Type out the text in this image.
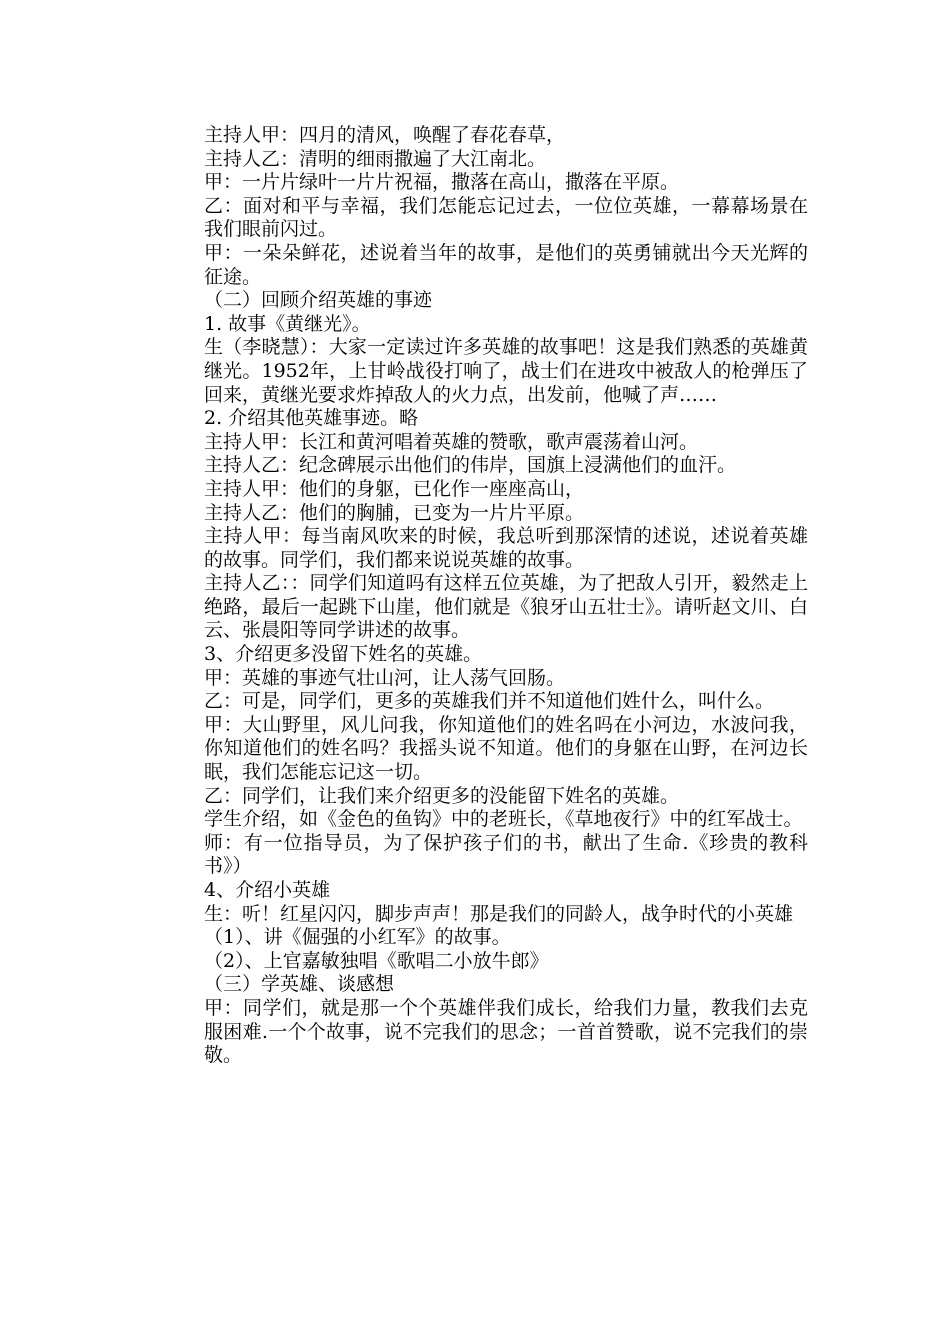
主持人甲：四月的清风，唤醒了春花春草，

主持人乙：清明的细雨撒遍了大江南北。

甲：一片片绿叶一片片祝福，撒落在高山，撒落在平原。

乙：面对和平与幸福，我们怎能忘记过去，一位位英雄，一幕幕场景在我们眼前闪过。

甲：一朵朵鲜花，述说着当年的故事，是他们的英勇铺就出今天光辉的征途。

（二）回顾介绍英雄的事迹

1. 故事《黄继光》。

生（李晓慧）：大家一定读过许多英雄的故事吧！这是我们熟悉的英雄黄继光。1952年，上甘岭战役打响了，战士们在进攻中被敌人的枪弹压了回来，黄继光要求炸掉敌人的火力点，出发前，他喊了声……

2. 介绍其他英雄事迹。略

主持人甲：长江和黄河唱着英雄的赞歌，歌声震荡着山河。

主持人乙：纪念碑展示出他们的伟岸，国旗上浸满他们的血汗。

主持人甲：他们的身躯，已化作一座座高山，

主持人乙：他们的胸脯，已变为一片片平原。

主持人甲：每当南风吹来的时候，我总听到那深情的述说，述说着英雄的故事。同学们，我们都来说说英雄的故事。

主持人乙：：同学们知道吗有这样五位英雄，为了把敌人引开，毅然走上绝路，最后一起跳下山崖，他们就是《狼牙山五壮士》。请听赵文川、白云、张晨阳等同学讲述的故事。

3、介绍更多没留下姓名的英雄。

甲：英雄的事迹气壮山河，让人荡气回肠。

乙：可是，同学们，更多的英雄我们并不知道他们姓什么，叫什么。

甲：大山野里，风儿问我，你知道他们的姓名吗在小河边，水波问我，你知道他们的姓名吗？我摇头说不知道。他们的身躯在山野，在河边长眠，我们怎能忘记这一切。

乙：同学们，让我们来介绍更多的没能留下姓名的英雄。

学生介绍，如《金色的鱼钩》中的老班长，《草地夜行》中的红军战士。

师：有一位指导员，为了保护孩子们的书，献出了生命.《珍贵的教科书》）

4、介绍小英雄

生：听！红星闪闪，脚步声声！那是我们的同龄人，战争时代的小英雄

（1）、讲《倔强的小红军》的故事。

（2）、上官嘉敏独唱《歌唱二小放牛郎》

（三）学英雄、谈感想

甲：同学们，就是那一个个英雄伴我们成长，给我们力量，教我们去克服困难.一个个故事，说不完我们的思念；一首首赞歌，说不完我们的崇敬。
